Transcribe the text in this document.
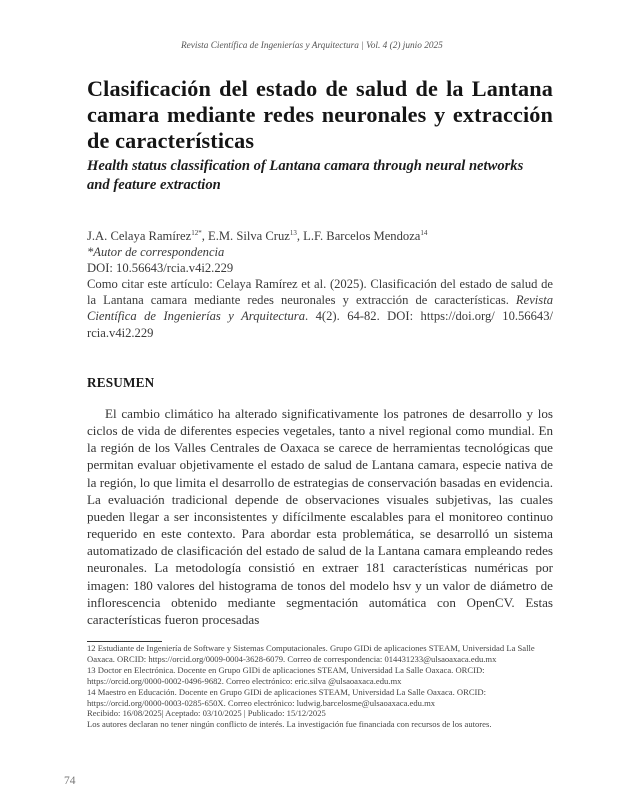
Revista Científica de Ingenierías y Arquitectura | Vol. 4 (2) junio 2025
Clasificación del estado de salud de la Lantana camara mediante redes neuronales y extracción de características
Health status classification of Lantana camara through neural networks and feature extraction
J.A. Celaya Ramírez$^{12*}$, E.M. Silva Cruz$^{13}$, L.F. Barcelos Mendoza$^{14}$
*Autor de correspondencia
DOI: 10.56643/rcia.v4i2.229
Como citar este artículo: Celaya Ramírez et al. (2025). Clasificación del estado de salud de la Lantana camara mediante redes neuronales y extracción de características. Revista Científica de Ingenierías y Arquitectura. 4(2). 64-82. DOI: https://doi.org/ 10.56643/ rcia.v4i2.229
RESUMEN

El cambio climático ha alterado significativamente los patrones de desarrollo y los ciclos de vida de diferentes especies vegetales, tanto a nivel regional como mundial. En la región de los Valles Centrales de Oaxaca se carece de herramientas tecnológicas que permitan evaluar objetivamente el estado de salud de Lantana camara, especie nativa de la región, lo que limita el desarrollo de estrategias de conservación basadas en evidencia. La evaluación tradicional depende de observaciones visuales subjetivas, las cuales pueden llegar a ser inconsistentes y difícilmente escalables para el monitoreo continuo requerido en este contexto. Para abordar esta problemática, se desarrolló un sistema automatizado de clasificación del estado de salud de la Lantana camara empleando redes neuronales. La metodología consistió en extraer 181 características numéricas por imagen: 180 valores del histograma de tonos del modelo hsv y un valor de diámetro de inflorescencia obtenido mediante segmentación automática con OpenCV. Estas características fueron procesadas

12 Estudiante de Ingeniería de Software y Sistemas Computacionales. Grupo GIDi de aplicaciones STEAM, Universidad La Salle Oaxaca. ORCID: https://orcid.org/0009-0004-3628-6079. Correo de correspondencia: 014431233@ulsaoaxaca.edu.mx
13 Doctor en Electrónica. Docente en Grupo GIDi de aplicaciones STEAM, Universidad La Salle Oaxaca. ORCID: https://orcid.org/0000-0002-0496-9682. Correo electrónico: eric.silva @ulsaoaxaca.edu.mx
14 Maestro en Educación. Docente en Grupo GIDi de aplicaciones STEAM, Universidad La Salle Oaxaca. ORCID: https://orcid.org/0000-0003-0285-650X. Correo electrónico: ludwig.barcelosme@ulsaoaxaca.edu.mx
Recibido: 16/08/2025| Aceptado: 03/10/2025 | Publicado: 15/12/2025
Los autores declaran no tener ningún conflicto de interés. La investigación fue financiada con recursos de los autores.
74
